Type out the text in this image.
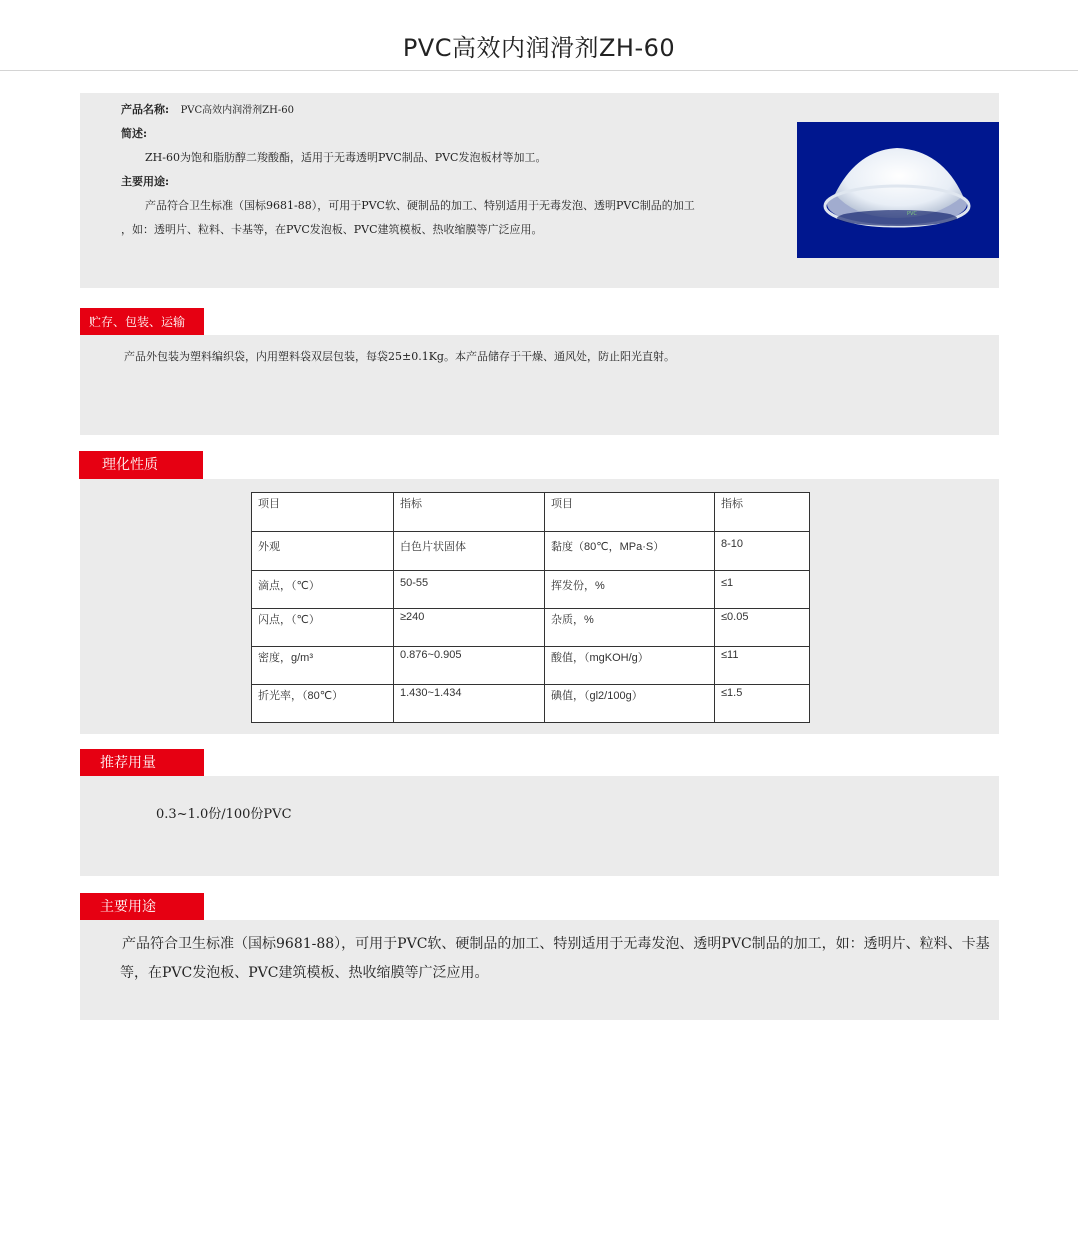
PVC高效内润滑剂ZH-60
产品名称: PVC高效内润滑剂ZH-60
简述:
ZH-60为饱和脂肪醇二羧酸酯，适用于无毒透明PVC制品、PVC发泡板材等加工。
主要用途:
产品符合卫生标准（国标9681-88），可用于PVC软、硬制品的加工、特别适用于无毒发泡、透明PVC制品的加工
，如：透明片、粒料、卡基等，在PVC发泡板、PVC建筑模板、热收缩膜等广泛应用。
PVC
贮存、包装、运输
产品外包装为塑料编织袋，内用塑料袋双层包装，每袋25±0.1Kg。本产品储存于干燥、通风处，防止阳光直射。
理化性质
项目	指标	项目	指标
外观	白色片状固体	黏度（80℃，MPa·S）	8-10
滴点，（℃）	50-55	挥发份，%	≤1
闪点，（℃）	≥240	杂质，%	≤0.05
密度，g/m³	0.876~0.905	酸值，（mgKOH/g）	≤11
折光率，（80℃）	1.430~1.434	碘值，（gl2/100g）	≤1.5
推荐用量
0.3~1.0份/100份PVC
主要用途
产品符合卫生标准（国标9681-88），可用于PVC软、硬制品的加工、特别适用于无毒发泡、透明PVC制品的加工，如：透明片、粒料、卡基等，在PVC发泡板、PVC建筑模板、热收缩膜等广泛应用。
